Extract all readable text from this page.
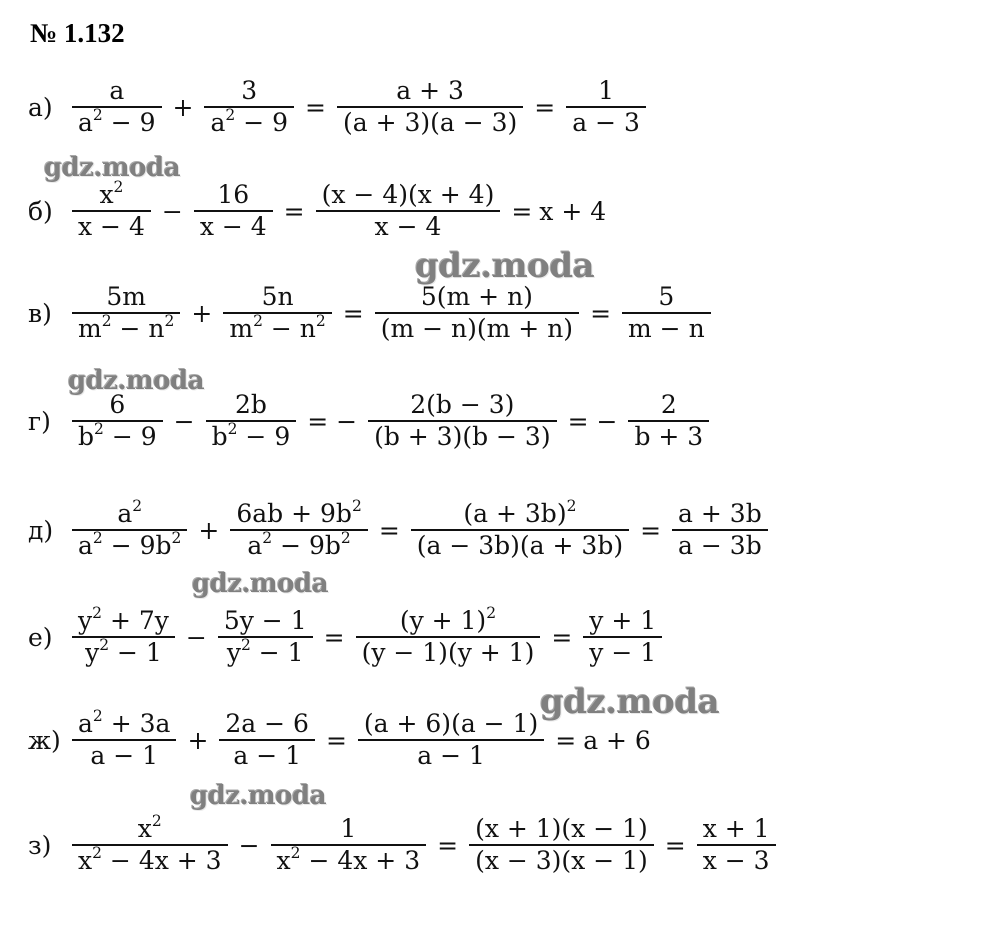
№ 1.132
$а) \frac{a}{a^2 - 9} + \frac{3}{a^2 - 9} = \frac{a + 3}{(a + 3)(a - 3)} = \frac{1}{a - 3}$
$б) \frac{x^2}{x - 4} - \frac{16}{x - 4} = \frac{(x - 4)(x + 4)}{x - 4} = x + 4$
$в) \frac{5m}{m^2 - n^2} + \frac{5n}{m^2 - n^2} = \frac{5(m + n)}{(m - n)(m + n)} = \frac{5}{m - n}$
$г) \frac{6}{b^2 - 9} - \frac{2b}{b^2 - 9}$ = − $\frac{2(b - 3)}{(b + 3)(b - 3)}$ = − $\frac{2}{b + 3}$
$д) \frac{a^2}{a^2 - 9b^2} + \frac{6ab + 9b^2}{a^2 - 9b^2} = \frac{(a + 3b)^2}{(a - 3b)(a + 3b)} = \frac{a + 3b}{a - 3b}$
$е) \frac{y^2 + 7y}{y^2 - 1} - \frac{5y - 1}{y^2 - 1} = \frac{(y + 1)^2}{(y - 1)(y + 1)} = \frac{y + 1}{y - 1}$
$ж) \frac{a^2 + 3a}{a - 1} + \frac{2a - 6}{a - 1} = \frac{(a + 6)(a - 1)}{a - 1} = a + 6$
$з) \frac{x^2}{x^2 - 4x + 3} - \frac{1}{x^2 - 4x + 3} = \frac{(x + 1)(x - 1)}{(x - 3)(x - 1)} = \frac{x + 1}{x - 3}$
gdz.moda
gdz.moda
gdz.moda
gdz.moda
gdz.moda
gdz.moda
